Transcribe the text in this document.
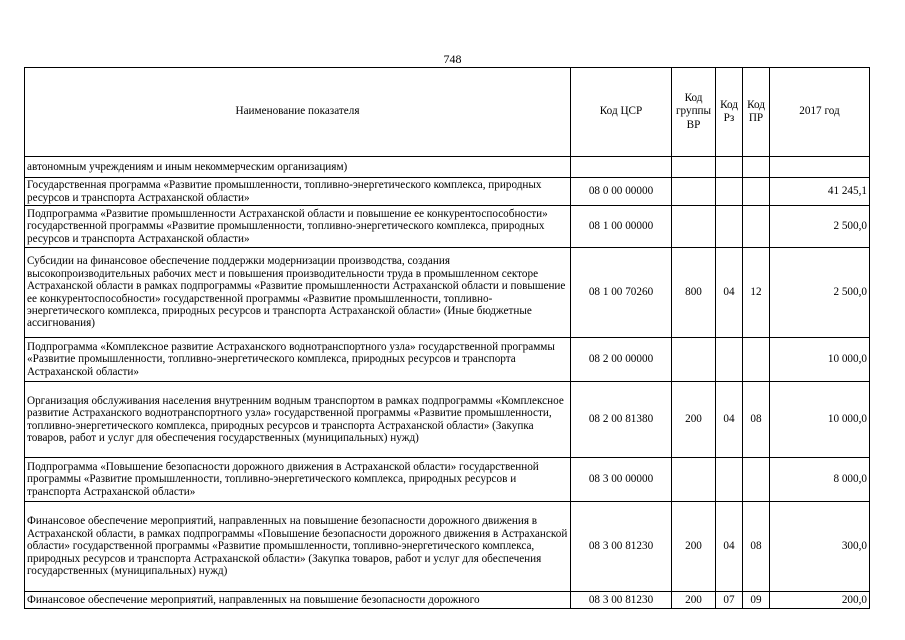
748
Наименование показателя	Код ЦСР	Код группы ВР	Код Рз	Код ПР	2017 год
автономным учреждениям и иным некоммерческим организациям)					
Государственная программа «Развитие промышленности, топливно-энергетического комплекса, природных ресурсов и транспорта Астраханской области»	08 0 00 00000				41 245,1
Подпрограмма «Развитие промышленности Астраханской области и повышение ее конкурентоспособности» государственной программы «Развитие промышленности, топливно-энергетического комплекса, природных ресурсов и транспорта Астраханской области»	08 1 00 00000				2 500,0
Субсидии на финансовое обеспечение поддержки модернизации производства, создания высокопроизводительных рабочих мест и повышения производительности труда в промышленном секторе Астраханской области в рамках подпрограммы «Развитие промышленности Астраханской области и повышение ее конкурентоспособности» государственной программы «Развитие промышленности, топливно-энергетического комплекса, природных ресурсов и транспорта Астраханской области» (Иные бюджетные ассигнования)	08 1 00 70260	800	04	12	2 500,0
Подпрограмма «Комплексное развитие Астраханского воднотранспортного узла» государственной программы «Развитие промышленности, топливно-энергетического комплекса, природных ресурсов и транспорта Астраханской области»	08 2 00 00000				10 000,0
Организация обслуживания населения внутренним водным транспортом в рамках подпрограммы «Комплексное развитие Астраханского воднотранспортного узла» государственной программы «Развитие промышленности, топливно-энергетического комплекса, природных ресурсов и транспорта Астраханской области» (Закупка товаров, работ и услуг для обеспечения государственных (муниципальных) нужд)	08 2 00 81380	200	04	08	10 000,0
Подпрограмма «Повышение безопасности дорожного движения в Астраханской области» государственной программы «Развитие промышленности, топливно-энергетического комплекса, природных ресурсов и транспорта Астраханской области»	08 3 00 00000				8 000,0
Финансовое обеспечение мероприятий, направленных на повышение безопасности дорожного движения в Астраханской области, в рамках подпрограммы «Повышение безопасности дорожного движения в Астраханской области» государственной программы «Развитие промышленности, топливно-энергетического комплекса, природных ресурсов и транспорта Астраханской области» (Закупка товаров, работ и услуг для обеспечения государственных (муниципальных) нужд)	08 3 00 81230	200	04	08	300,0
Финансовое обеспечение мероприятий, направленных на повышение безопасности дорожного	08 3 00 81230	200	07	09	200,0
